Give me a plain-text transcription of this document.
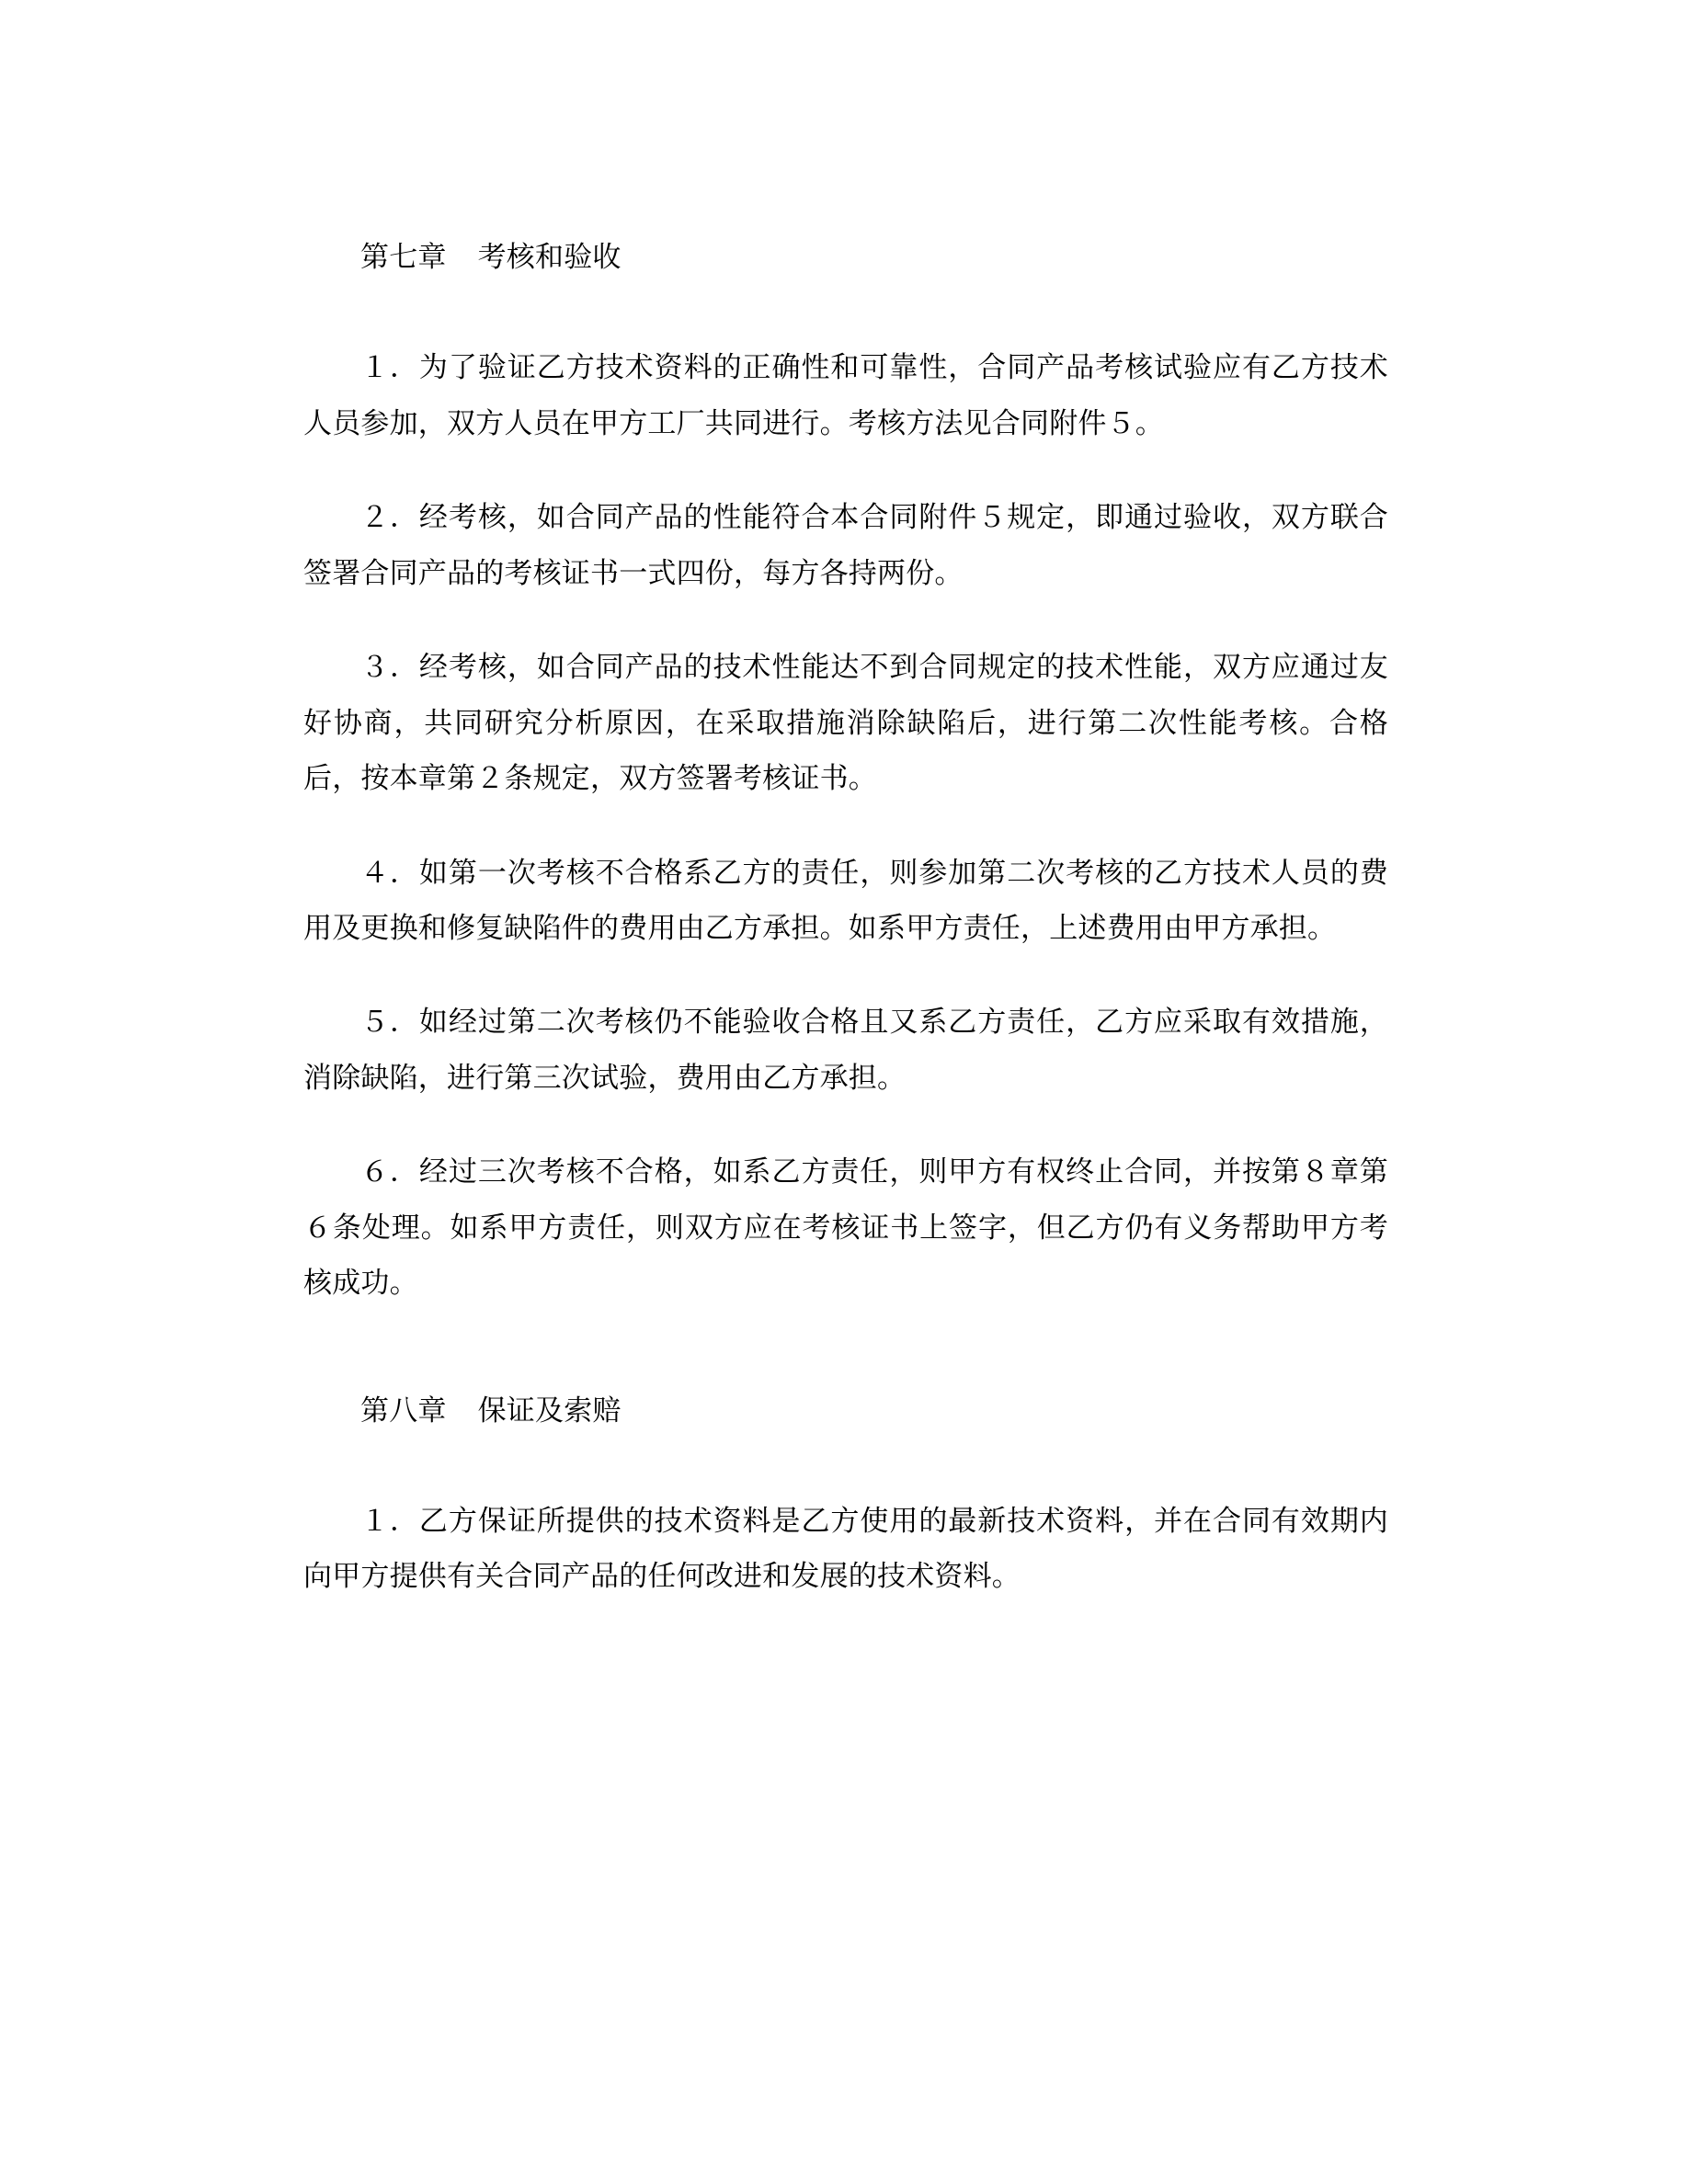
第七章 考核和验收

１．为了验证乙方技术资料的正确性和可靠性，合同产品考核试验应有乙方技术人员参加，双方人员在甲方工厂共同进行。考核方法见合同附件５。

２．经考核，如合同产品的性能符合本合同附件５规定，即通过验收，双方联合签署合同产品的考核证书一式四份，每方各持两份。

３．经考核，如合同产品的技术性能达不到合同规定的技术性能，双方应通过友好协商，共同研究分析原因，在采取措施消除缺陷后，进行第二次性能考核。合格后，按本章第２条规定，双方签署考核证书。

４．如第一次考核不合格系乙方的责任，则参加第二次考核的乙方技术人员的费用及更换和修复缺陷件的费用由乙方承担。如系甲方责任，上述费用由甲方承担。

５．如经过第二次考核仍不能验收合格且又系乙方责任，乙方应采取有效措施，消除缺陷，进行第三次试验，费用由乙方承担。

６．经过三次考核不合格，如系乙方责任，则甲方有权终止合同，并按第８章第６条处理。如系甲方责任，则双方应在考核证书上签字，但乙方仍有义务帮助甲方考核成功。

第八章 保证及索赔

１．乙方保证所提供的技术资料是乙方使用的最新技术资料，并在合同有效期内向甲方提供有关合同产品的任何改进和发展的技术资料。
